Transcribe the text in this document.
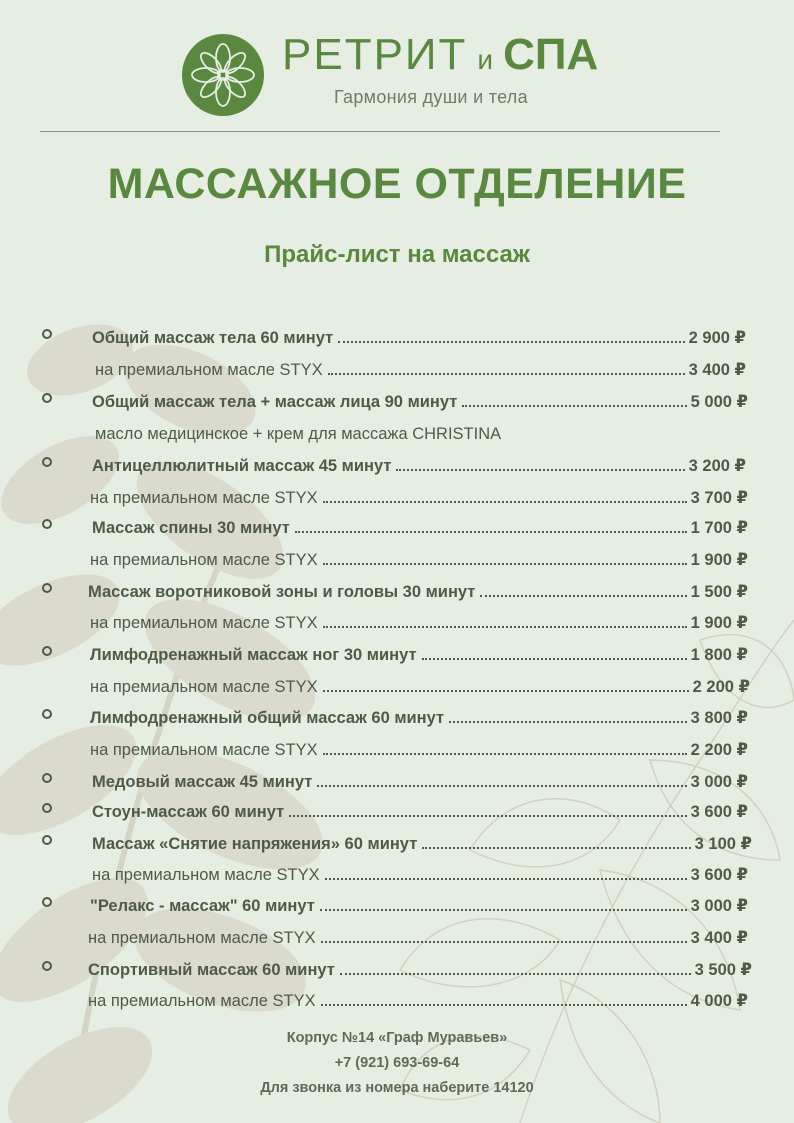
РЕТРИТ и СПА
Гармония души и тела
МАССАЖНОЕ ОТДЕЛЕНИЕ
Прайс-лист на массаж
Общий массаж тела 60 минут	2 900 ₽
на премиальном масле STYX	3 400 ₽
Общий массаж тела + массаж лица 90 минут	5 000 ₽
масло медицинское + крем для массажа CHRISTINA
Антицеллюлитный массаж 45 минут	3 200 ₽
на премиальном масле STYX	3 700 ₽
Массаж спины 30 минут	1 700 ₽
на премиальном масле STYX	1 900 ₽
Массаж воротниковой зоны и головы 30 минут	1 500 ₽
на премиальном масле STYX	1 900 ₽
Лимфодренажный массаж ног 30 минут	1 800 ₽
на премиальном масле STYX	2 200 ₽
Лимфодренажный общий массаж 60 минут	3 800 ₽
на премиальном масле STYX	2 200 ₽
Медовый массаж 45 минут	3 000 ₽
Стоун-массаж 60 минут	3 600 ₽
Массаж «Снятие напряжения» 60 минут	3 100 ₽
на премиальном масле STYX	3 600 ₽
"Релакс - массаж" 60 минут	3 000 ₽
на премиальном масле STYX	3 400 ₽
Спортивный массаж 60 минут	3 500 ₽
на премиальном масле STYX	4 000 ₽
Корпус №14 «Граф Муравьев»
+7 (921) 693-69-64
Для звонка из номера наберите 14120
